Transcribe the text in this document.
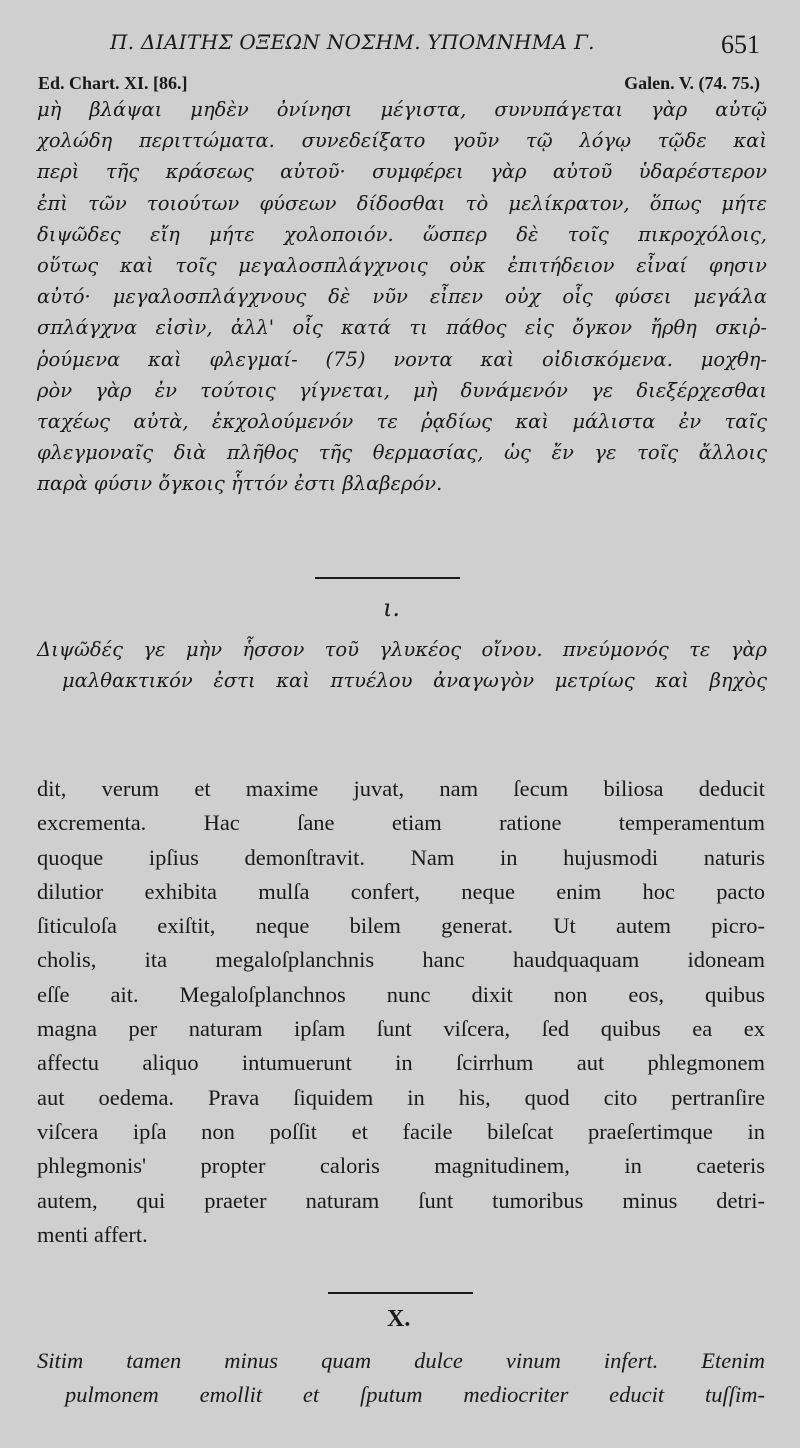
Π. ΔΙΑΙΤΗΣ ΟΞΕΩΝ ΝΟΣΗΜ. ΥΠΟΜΝΗΜΑ Γ.	651
Ed. Chart. XI. [86.]	Galen. V. (74. 75.)

μὴ βλάψαι μηδὲν ὀνίνησι μέγιστα, συνυπάγεται γὰρ αὐτῷ

χολώδη περιττώματα. συνεδείξατο γοῦν τῷ λόγῳ τῷδε καὶ

περὶ τῆς κράσεως αὐτοῦ· συμφέρει γὰρ αὐτοῦ ὑδαρέστερον

ἐπὶ τῶν τοιούτων φύσεων δίδοσθαι τὸ μελίκρατον, ὅπως μήτε

διψῶδες εἴη μήτε χολοποιόν. ὥσπερ δὲ τοῖς πικροχόλοις,

οὕτως καὶ τοῖς μεγαλοσπλάγχνοις οὐκ ἐπιτήδειον εἶναί φησιν

αὐτό· μεγαλοσπλάγχνους δὲ νῦν εἶπεν οὐχ οἷς φύσει μεγάλα

σπλάγχνα εἰσὶν, ἀλλ' οἷς κατά τι πάθος εἰς ὄγκον ἤρθη σκιῤ-

ῥούμενα καὶ φλεγμαί- (75) νοντα καὶ οἰδισκόμενα. μοχθη-

ρὸν γὰρ ἐν τούτοις γίγνεται, μὴ δυνάμενόν γε διεξέρχεσθαι

ταχέως αὐτὰ, ἐκχολούμενόν τε ῥᾳδίως καὶ μάλιστα ἐν ταῖς

φλεγμοναῖς διὰ πλῆθος τῆς θερμασίας, ὡς ἔν γε τοῖς ἄλλοις

παρὰ φύσιν ὄγκοις ἧττόν ἐστι βλαβερόν.

ι.

Διψῶδές γε μὴν ἧσσον τοῦ γλυκέος οἴνου. πνεύμονός τε γὰρ

μαλθακτικόν ἐστι καὶ πτυέλου ἀναγωγὸν μετρίως καὶ βηχὸς

dit, verum et maxime juvat, nam ſecum biliosa deducit

excrementa. Hac ſane etiam ratione temperamentum

quoque ipſius demonſtravit. Nam in hujusmodi naturis

dilutior exhibita mulſa confert, neque enim hoc pacto

ſiticuloſa exiſtit, neque bilem generat. Ut autem picro-

cholis, ita megaloſplanchnis hanc haudquaquam idoneam

eſſe ait. Megaloſplanchnos nunc dixit non eos, quibus

magna per naturam ipſam ſunt viſcera, ſed quibus ea ex

affectu aliquo intumuerunt in ſcirrhum aut phlegmonem

aut oedema. Prava ſiquidem in his, quod cito pertranſire

viſcera ipſa non poſſit et facile bileſcat praeſertimque in

phlegmonis' propter caloris magnitudinem, in caeteris

autem, qui praeter naturam ſunt tumoribus minus detri-

menti affert.

X.

Sitim tamen minus quam dulce vinum infert. Etenim

pulmonem emollit et ſputum mediocriter educit tuſſim-
